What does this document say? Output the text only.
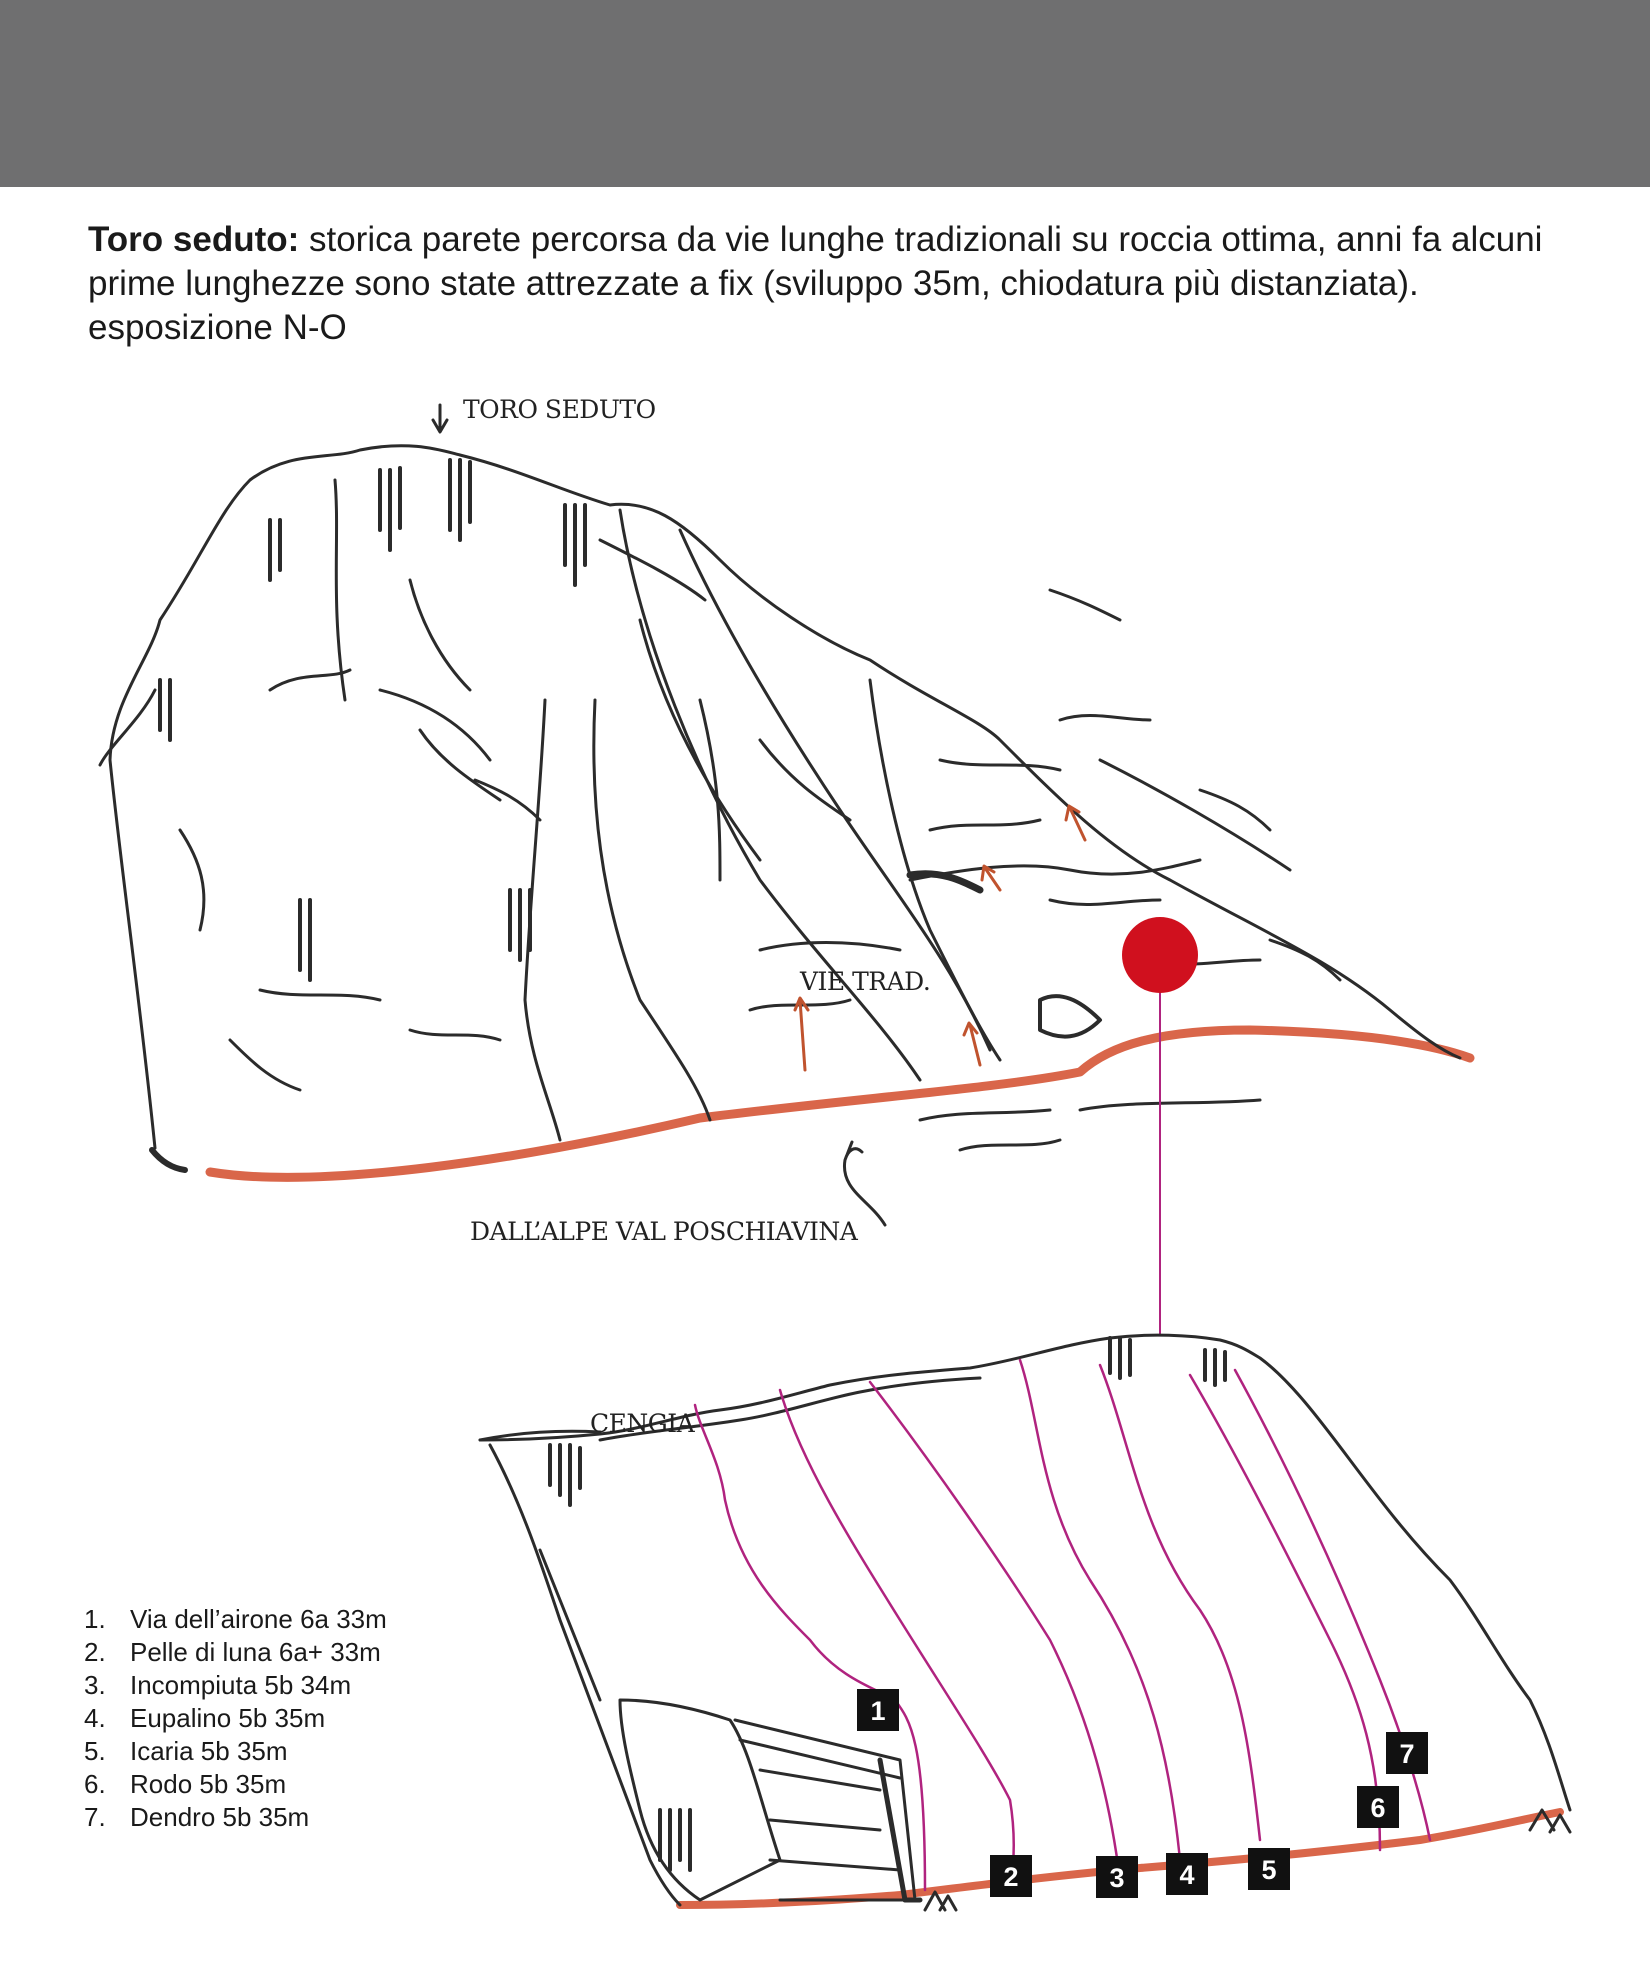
Toro seduto: storica parete percorsa da vie lunghe tradizionali su roccia ottima, anni fa alcuni prime lunghezze sono state attrezzate a fix (sviluppo 35m, chiodatura più distanziata). esposizione N-O

TORO SEDUTO
VIE TRAD.
DALL’ALPE VAL POSCHIAVINA
CENGIA
1
2	3 4 5
6
7
1. Via dell’airone 6a 33m
2. Pelle di luna 6a+ 33m
3. Incompiuta 5b 34m
4. Eupalino 5b 35m
5. Icaria 5b 35m
6. Rodo 5b 35m
7. Dendro 5b 35m
